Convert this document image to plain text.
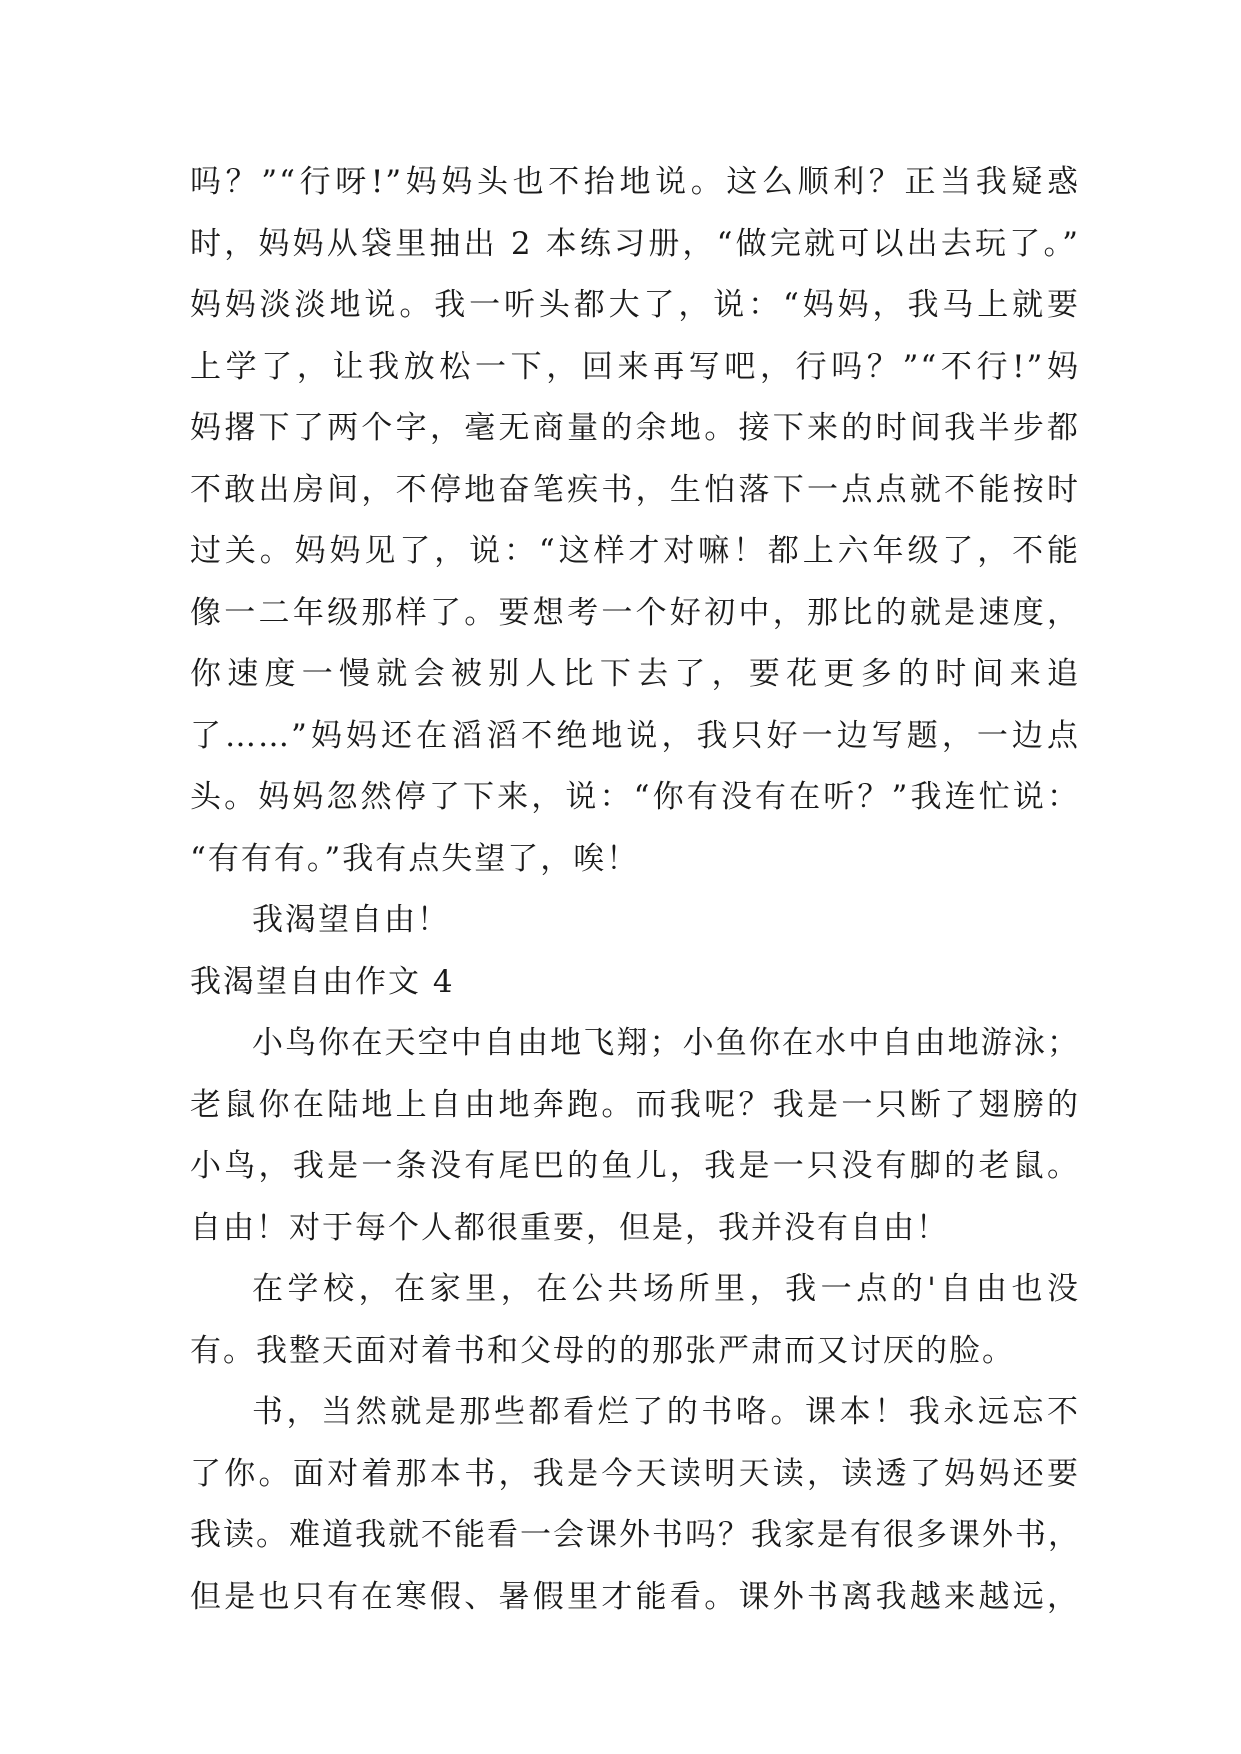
吗？”“行呀!”妈妈头也不抬地说。这么顺利？正当我疑惑
时，妈妈从袋里抽出 2 本练习册，“做完就可以出去玩了。”
妈妈淡淡地说。我一听头都大了，说：“妈妈，我马上就要
上学了，让我放松一下，回来再写吧，行吗？”“不行!”妈
妈撂下了两个字，毫无商量的余地。接下来的时间我半步都
不敢出房间，不停地奋笔疾书，生怕落下一点点就不能按时
过关。妈妈见了，说：“这样才对嘛！都上六年级了，不能
像一二年级那样了。要想考一个好初中，那比的就是速度，
你速度一慢就会被别人比下去了，要花更多的时间来追
了……”妈妈还在滔滔不绝地说，我只好一边写题，一边点
头。妈妈忽然停了下来，说：“你有没有在听？”我连忙说：
“有有有。”我有点失望了，唉！
我渴望自由！
我渴望自由作文 4
小鸟你在天空中自由地飞翔；小鱼你在水中自由地游泳；
老鼠你在陆地上自由地奔跑。而我呢？我是一只断了翅膀的
小鸟，我是一条没有尾巴的鱼儿，我是一只没有脚的老鼠。
自由！对于每个人都很重要，但是，我并没有自由！
在学校，在家里，在公共场所里，我一点的'自由也没
有。我整天面对着书和父母的的那张严肃而又讨厌的脸。
书，当然就是那些都看烂了的书咯。课本！我永远忘不
了你。面对着那本书，我是今天读明天读，读透了妈妈还要
我读。难道我就不能看一会课外书吗？我家是有很多课外书，
但是也只有在寒假、暑假里才能看。课外书离我越来越远，
